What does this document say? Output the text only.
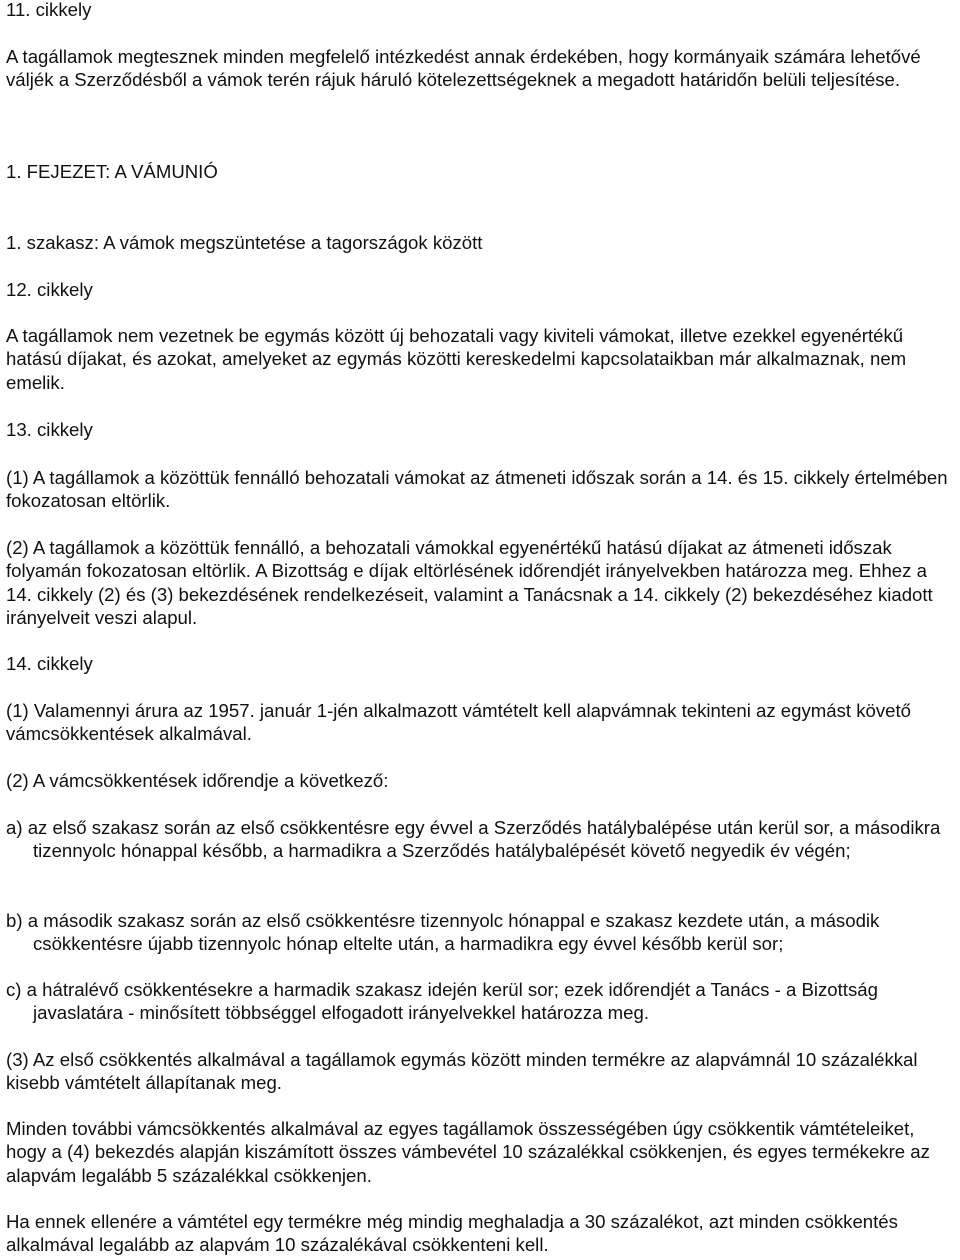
11. cikkely

A tagállamok megtesznek minden megfelelő intézkedést annak érdekében, hogy kormányaik számára lehetővé váljék a Szerződésből a vámok terén rájuk háruló kötelezettségeknek a megadott határidőn belüli teljesítése.

1. FEJEZET: A VÁMUNIÓ

1. szakasz: A vámok megszüntetése a tagországok között

12. cikkely

A tagállamok nem vezetnek be egymás között új behozatali vagy kiviteli vámokat, illetve ezekkel egyenértékű hatású díjakat, és azokat, amelyeket az egymás közötti kereskedelmi kapcsolataikban már alkalmaznak, nem emelik.

13. cikkely

(1) A tagállamok a közöttük fennálló behozatali vámokat az átmeneti időszak során a 14. és 15. cikkely értelmében fokozatosan eltörlik.

(2) A tagállamok a közöttük fennálló, a behozatali vámokkal egyenértékű hatású díjakat az átmeneti időszak folyamán fokozatosan eltörlik. A Bizottság e díjak eltörlésének időrendjét irányelvekben határozza meg. Ehhez a 14. cikkely (2) és (3) bekezdésének rendelkezéseit, valamint a Tanácsnak a 14. cikkely (2) bekezdéséhez kiadott irányelveit veszi alapul.

14. cikkely

(1) Valamennyi árura az 1957. január 1-jén alkalmazott vámtételt kell alapvámnak tekinteni az egymást követő vámcsökkentések alkalmával.

(2) A vámcsökkentések időrendje a következő:

a) az első szakasz során az első csökkentésre egy évvel a Szerződés hatálybalépése után kerül sor, a másodikra tizennyolc hónappal később, a harmadikra a Szerződés hatálybalépését követő negyedik év végén;

b) a második szakasz során az első csökkentésre tizennyolc hónappal e szakasz kezdete után, a második csökkentésre újabb tizennyolc hónap eltelte után, a harmadikra egy évvel később kerül sor;

c) a hátralévő csökkentésekre a harmadik szakasz idején kerül sor; ezek időrendjét a Tanács - a Bizottság javaslatára - minősített többséggel elfogadott irányelvekkel határozza meg.

(3) Az első csökkentés alkalmával a tagállamok egymás között minden termékre az alapvámnál 10 százalékkal kisebb vámtételt állapítanak meg.

Minden további vámcsökkentés alkalmával az egyes tagállamok összességében úgy csökkentik vámtételeiket, hogy a (4) bekezdés alapján kiszámított összes vámbevétel 10 százalékkal csökkenjen, és egyes termékekre az alapvám legalább 5 százalékkal csökkenjen.

Ha ennek ellenére a vámtétel egy termékre még mindig meghaladja a 30 százalékot, azt minden csökkentés alkalmával legalább az alapvám 10 százalékával csökkenteni kell.
